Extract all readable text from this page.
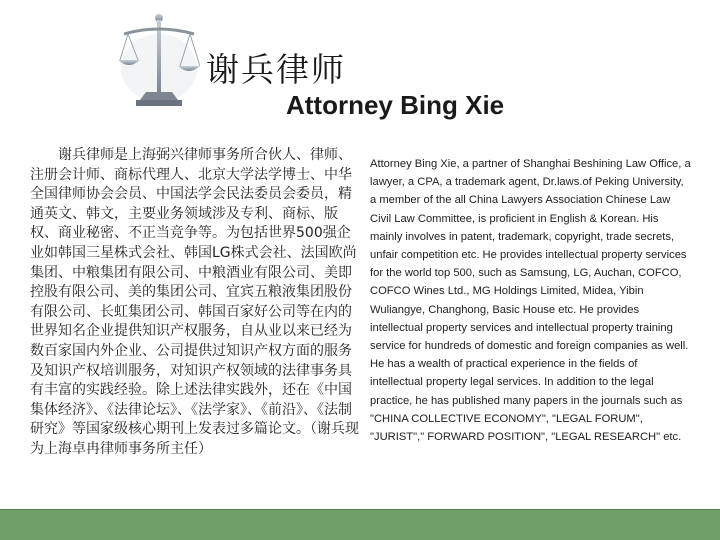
谢兵律师
Attorney Bing Xie

　　谢兵律师是上海弼兴律师事务所合伙人、律师、注册会计师、商标代理人、北京大学法学博士、中华全国律师协会会员、中国法学会民法委员会委员，精通英文、韩文，主要业务领域涉及专利、商标、版权、商业秘密、不正当竞争等。为包括世界500强企业如韩国三星株式会社、韩国LG株式会社、法国欧尚集团、中粮集团有限公司、中粮酒业有限公司、美即控股有限公司、美的集团公司、宜宾五粮液集团股份有限公司、长虹集团公司、韩国百家好公司等在内的世界知名企业提供知识产权服务，自从业以来已经为数百家国内外企业、公司提供过知识产权方面的服务及知识产权培训服务，对知识产权领域的法律事务具有丰富的实践经验。除上述法律实践外，还在《中国集体经济》、《法律论坛》、《法学家》、《前沿》、《法制研究》等国家级核心期刊上发表过多篇论文。（谢兵现为上海卓冉律师事务所主任）

Attorney Bing Xie, a partner of Shanghai Beshining Law Office, a lawyer, a CPA, a trademark agent, Dr.laws.of Peking University, a member of the all China Lawyers Association Chinese Law Civil Law Committee, is proficient in English & Korean. His mainly involves in patent, trademark, copyright, trade secrets, unfair competition etc. He provides intellectual property services for the world top 500, such as Samsung, LG, Auchan, COFCO, COFCO Wines Ltd., MG Holdings Limited, Midea, Yibin Wuliangye, Changhong, Basic House etc. He provides intellectual property services and intellectual property training service for hundreds of domestic and foreign companies as well. He has a wealth of practical experience in the fields of intellectual property legal services. In addition to the legal practice, he has published many papers in the journals such as "CHINA COLLECTIVE ECONOMY", "LEGAL FORUM", "JURIST"," FORWARD POSITION", "LEGAL RESEARCH" etc.
